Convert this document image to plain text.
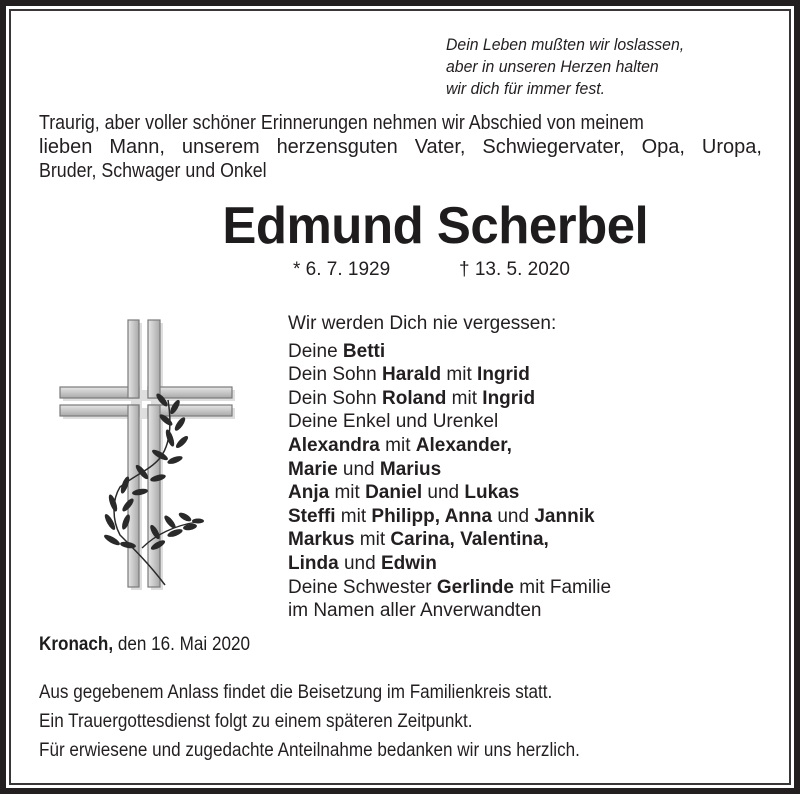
Dein Leben mußten wir loslassen,
aber in unseren Herzen halten
wir dich für immer fest.
Traurig, aber voller schöner Erinnerungen nehmen wir Abschied von meinem
lieben Mann, unserem herzensguten Vater, Schwiegervater, Opa, Uropa,
Bruder, Schwager und Onkel
Edmund Scherbel
* 6. 7. 1929	† 13. 5. 2020
Wir werden Dich nie vergessen:
Deine Betti
Dein Sohn Harald mit Ingrid
Dein Sohn Roland mit Ingrid
Deine Enkel und Urenkel
Alexandra mit Alexander,
Marie und Marius
Anja mit Daniel und Lukas
Steffi mit Philipp, Anna und Jannik
Markus mit Carina, Valentina,
Linda und Edwin
Deine Schwester Gerlinde mit Familie
im Namen aller Anverwandten
Kronach, den 16. Mai 2020
Aus gegebenem Anlass findet die Beisetzung im Familienkreis statt.
Ein Trauergottesdienst folgt zu einem späteren Zeitpunkt.
Für erwiesene und zugedachte Anteilnahme bedanken wir uns herzlich.
